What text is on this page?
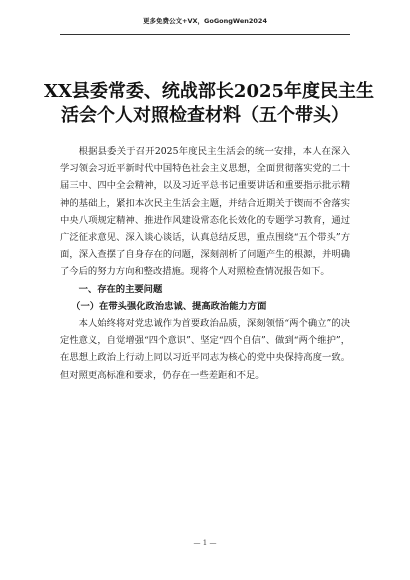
更多免费公文+VX，GoGongWen2024
XX县委常委、统战部长2025年度民主生
活会个人对照检查材料（五个带头）

根据县委关于召开2025年度民主生活会的统一安排，本人在深入学习领会习近平新时代中国特色社会主义思想，全面贯彻落实党的二十届三中、四中全会精神，以及习近平总书记重要讲话和重要指示批示精神的基础上，紧扣本次民主生活会主题，并结合近期关于锲而不舍落实中央八项规定精神、推进作风建设常态化长效化的专题学习教育，通过广泛征求意见、深入谈心谈话，认真总结反思，重点围绕“五个带头”方面，深入查摆了自身存在的问题，深刻剖析了问题产生的根源，并明确了今后的努力方向和整改措施。现将个人对照检查情况报告如下。

一、存在的主要问题

（一）在带头强化政治忠诚、提高政治能力方面

本人始终将对党忠诚作为首要政治品质，深刻领悟“两个确立”的决定性意义，自觉增强“四个意识”、坚定“四个自信”、做到“两个维护”，在思想上政治上行动上同以习近平同志为核心的党中央保持高度一致。但对照更高标准和要求，仍存在一些差距和不足。

— 1 —
